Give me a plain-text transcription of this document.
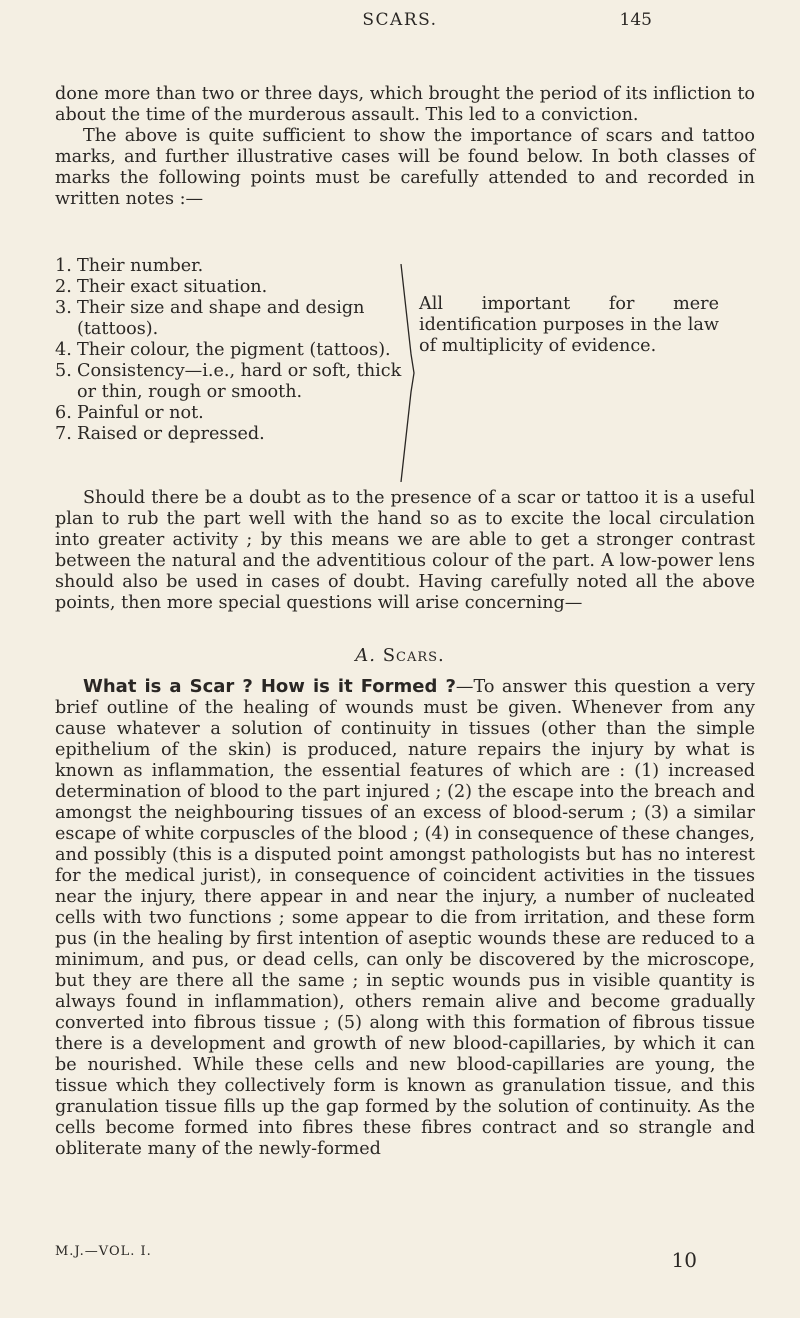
SCARS.	145

done more than two or three days, which brought the period of its infliction to about the time of the murderous assault. This led to a conviction.

The above is quite sufficient to show the importance of scars and tattoo marks, and further illustrative cases will be found below. In both classes of marks the following points must be carefully attended to and recorded in written notes :—

1. Their number.
2. Their exact situation.
3. Their size and shape and design (tattoos).
4. Their colour, the pigment (tattoos).
5. Consistency—i.e., hard or soft, thick or thin, rough or smooth.
6. Painful or not.
7. Raised or depressed.
All important for mere identification purposes in the law of multiplicity of evidence.

Should there be a doubt as to the presence of a scar or tattoo it is a useful plan to rub the part well with the hand so as to excite the local circulation into greater activity ; by this means we are able to get a stronger contrast between the natural and the adventitious colour of the part. A low-power lens should also be used in cases of doubt. Having carefully noted all the above points, then more special questions will arise concerning—

A. Scars.

What is a Scar ? How is it Formed ?—To answer this question a very brief outline of the healing of wounds must be given. Whenever from any cause whatever a solution of continuity in tissues (other than the simple epithelium of the skin) is produced, nature repairs the injury by what is known as inflammation, the essential features of which are : (1) increased determination of blood to the part injured ; (2) the escape into the breach and amongst the neighbouring tissues of an excess of blood-serum ; (3) a similar escape of white corpuscles of the blood ; (4) in consequence of these changes, and possibly (this is a disputed point amongst pathologists but has no interest for the medical jurist), in consequence of coincident activities in the tissues near the injury, there appear in and near the injury, a number of nucleated cells with two functions ; some appear to die from irritation, and these form pus (in the healing by first intention of aseptic wounds these are reduced to a minimum, and pus, or dead cells, can only be discovered by the microscope, but they are there all the same ; in septic wounds pus in visible quantity is always found in inflammation), others remain alive and become gradually converted into fibrous tissue ; (5) along with this formation of fibrous tissue there is a development and growth of new blood-capillaries, by which it can be nourished. While these cells and new blood-capillaries are young, the tissue which they collectively form is known as granulation tissue, and this granulation tissue fills up the gap formed by the solution of continuity. As the cells become formed into fibres these fibres contract and so strangle and obliterate many of the newly-formed

M.J.—VOL. I.	10
